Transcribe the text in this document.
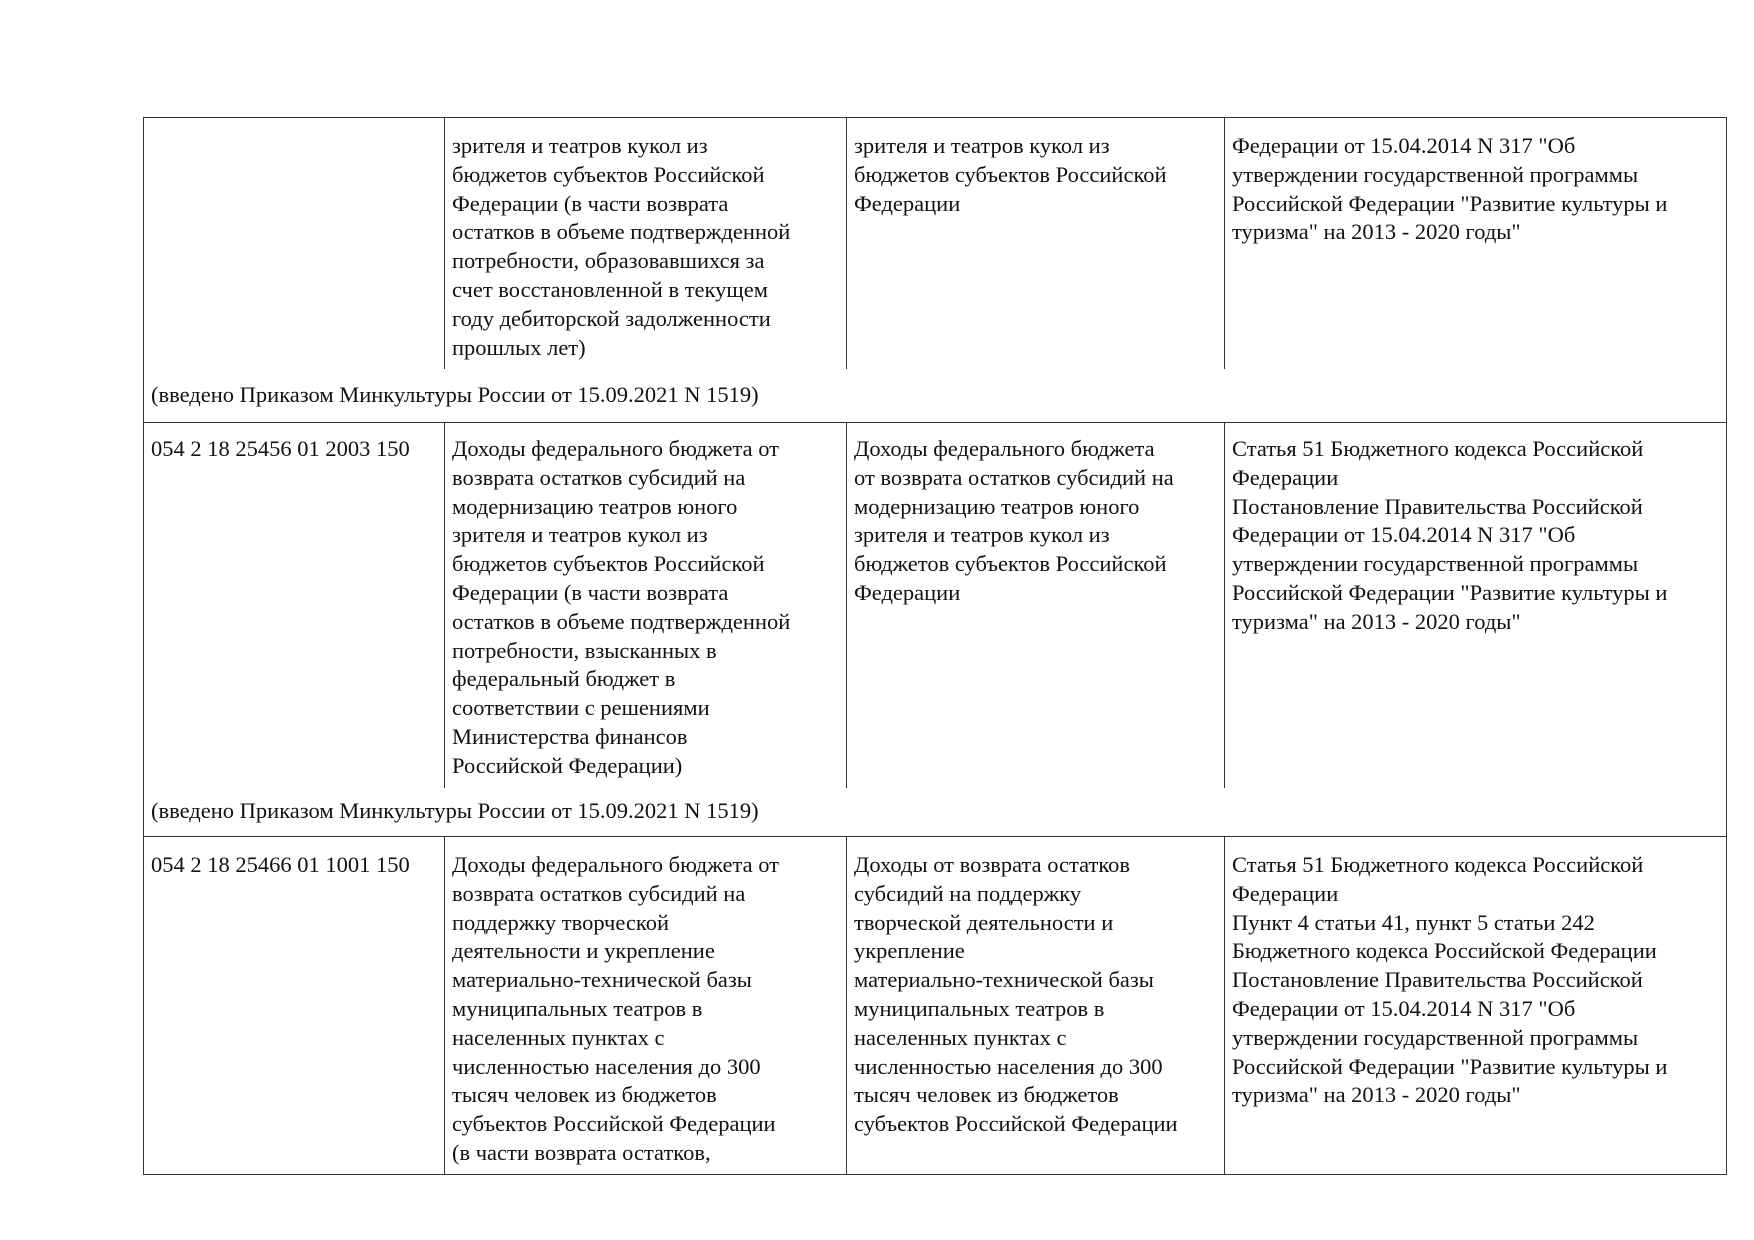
зрителя и театров кукол из
бюджетов субъектов Российской
Федерации (в части возврата
остатков в объеме подтвержденной
потребности, образовавшихся за
счет восстановленной в текущем
году дебиторской задолженности
прошлых лет)
зрителя и театров кукол из
бюджетов субъектов Российской
Федерации
Федерации от 15.04.2014 N 317 "Об
утверждении государственной программы
Российской Федерации "Развитие культуры и
туризма" на 2013 - 2020 годы"
(введено Приказом Минкультуры России от 15.09.2021 N 1519)
054 2 18 25456 01 2003 150	Доходы федерального бюджета от
возврата остатков субсидий на
модернизацию театров юного
зрителя и театров кукол из
бюджетов субъектов Российской
Федерации (в части возврата
остатков в объеме подтвержденной
потребности, взысканных в
федеральный бюджет в
соответствии с решениями
Министерства финансов
Российской Федерации)
Доходы федерального бюджета
от возврата остатков субсидий на
модернизацию театров юного
зрителя и театров кукол из
бюджетов субъектов Российской
Федерации
Статья 51 Бюджетного кодекса Российской
Федерации
Постановление Правительства Российской
Федерации от 15.04.2014 N 317 "Об
утверждении государственной программы
Российской Федерации "Развитие культуры и
туризма" на 2013 - 2020 годы"
(введено Приказом Минкультуры России от 15.09.2021 N 1519)
054 2 18 25466 01 1001 150	Доходы федерального бюджета от
возврата остатков субсидий на
поддержку творческой
деятельности и укрепление
материально-технической базы
муниципальных театров в
населенных пунктах с
численностью населения до 300
тысяч человек из бюджетов
субъектов Российской Федерации
(в части возврата остатков,
Доходы от возврата остатков
субсидий на поддержку
творческой деятельности и
укрепление
материально-технической базы
муниципальных театров в
населенных пунктах с
численностью населения до 300
тысяч человек из бюджетов
субъектов Российской Федерации
Статья 51 Бюджетного кодекса Российской
Федерации
Пункт 4 статьи 41, пункт 5 статьи 242
Бюджетного кодекса Российской Федерации
Постановление Правительства Российской
Федерации от 15.04.2014 N 317 "Об
утверждении государственной программы
Российской Федерации "Развитие культуры и
туризма" на 2013 - 2020 годы"
